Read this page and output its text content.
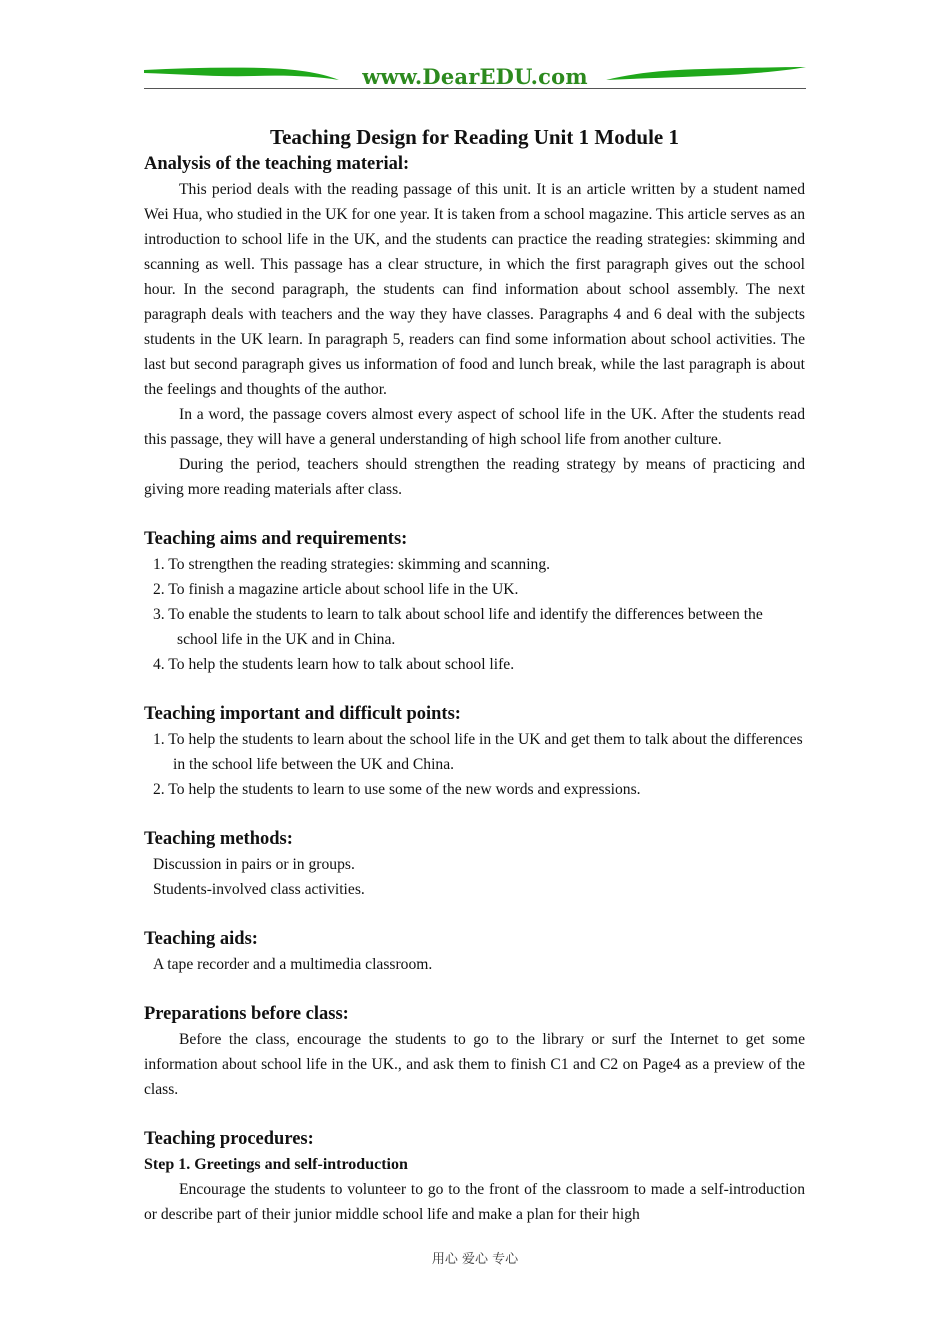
www.DearEDU.com
Teaching Design for Reading Unit 1 Module 1
Analysis of the teaching material:

This period deals with the reading passage of this unit. It is an article written by a student named Wei Hua, who studied in the UK for one year. It is taken from a school magazine. This article serves as an introduction to school life in the UK, and the students can practice the reading strategies: skimming and scanning as well. This passage has a clear structure, in which the first paragraph gives out the school hour. In the second paragraph, the students can find information about school assembly. The next paragraph deals with teachers and the way they have classes. Paragraphs 4 and 6 deal with the subjects students in the UK learn. In paragraph 5, readers can find some information about school activities. The last but second paragraph gives us information of food and lunch break, while the last paragraph is about the feelings and thoughts of the author.

In a word, the passage covers almost every aspect of school life in the UK. After the students read this passage, they will have a general understanding of high school life from another culture.

During the period, teachers should strengthen the reading strategy by means of practicing and giving more reading materials after class.

Teaching aims and requirements:

1. To strengthen the reading strategies: skimming and scanning.

2. To finish a magazine article about school life in the UK.

3. To enable the students to learn to talk about school life and identify the differences between the school life in the UK and in China.

4. To help the students learn how to talk about school life.

Teaching important and difficult points:

1. To help the students to learn about the school life in the UK and get them to talk about the differences in the school life between the UK and China.

2. To help the students to learn to use some of the new words and expressions.

Teaching methods:

Discussion in pairs or in groups.

Students-involved class activities.

Teaching aids:

A tape recorder and a multimedia classroom.

Preparations before class:

Before the class, encourage the students to go to the library or surf the Internet to get some information about school life in the UK., and ask them to finish C1 and C2 on Page4 as a preview of the class.

Teaching procedures:
Step 1. Greetings and self-introduction

Encourage the students to volunteer to go to the front of the classroom to made a self-introduction or describe part of their junior middle school life and make a plan for their high

用心 爱心 专心
